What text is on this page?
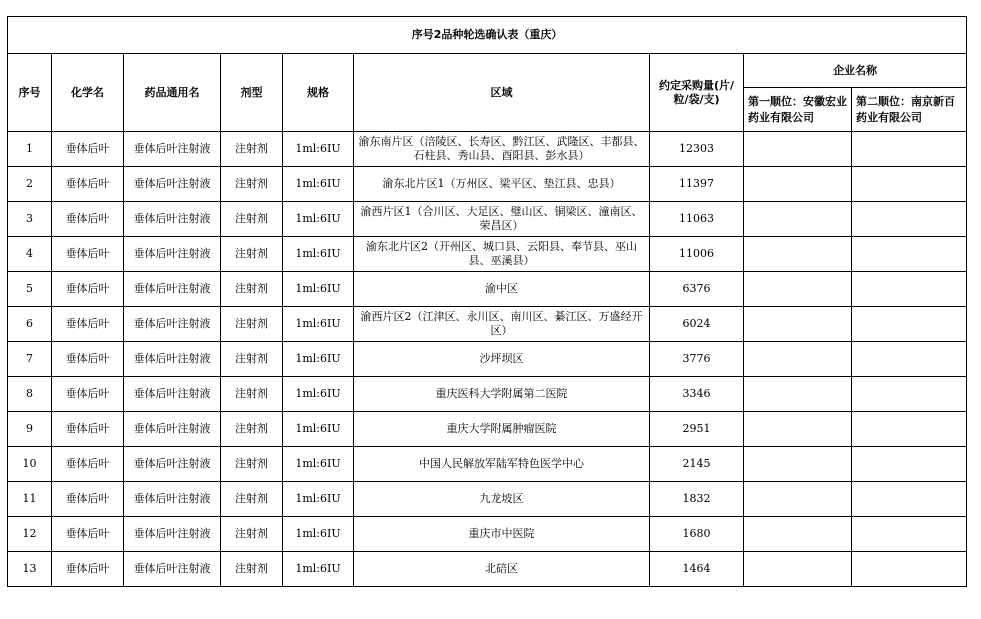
序号2品种轮选确认表（重庆）								
序号	化学名	药品通用名	剂型	规格	区域	约定采购量(片/粒/袋/支)	企业名称	
							第一顺位：安徽宏业药业有限公司	第二顺位：南京新百药业有限公司
1	垂体后叶	垂体后叶注射液	注射剂	1ml:6IU	渝东南片区（涪陵区、长寿区、黔江区、武隆区、丰都县、石柱县、秀山县、酉阳县、彭水县）	12303		
2	垂体后叶	垂体后叶注射液	注射剂	1ml:6IU	渝东北片区1（万州区、梁平区、垫江县、忠县）	11397		
3	垂体后叶	垂体后叶注射液	注射剂	1ml:6IU	渝西片区1（合川区、大足区、璧山区、铜梁区、潼南区、荣昌区）	11063		
4	垂体后叶	垂体后叶注射液	注射剂	1ml:6IU	渝东北片区2（开州区、城口县、云阳县、奉节县、巫山县、巫溪县）	11006		
5	垂体后叶	垂体后叶注射液	注射剂	1ml:6IU	渝中区	6376		
6	垂体后叶	垂体后叶注射液	注射剂	1ml:6IU	渝西片区2（江津区、永川区、南川区、綦江区、万盛经开区）	6024		
7	垂体后叶	垂体后叶注射液	注射剂	1ml:6IU	沙坪坝区	3776		
8	垂体后叶	垂体后叶注射液	注射剂	1ml:6IU	重庆医科大学附属第二医院	3346		
9	垂体后叶	垂体后叶注射液	注射剂	1ml:6IU	重庆大学附属肿瘤医院	2951		
10	垂体后叶	垂体后叶注射液	注射剂	1ml:6IU	中国人民解放军陆军特色医学中心	2145		
11	垂体后叶	垂体后叶注射液	注射剂	1ml:6IU	九龙坡区	1832		
12	垂体后叶	垂体后叶注射液	注射剂	1ml:6IU	重庆市中医院	1680		
13	垂体后叶	垂体后叶注射液	注射剂	1ml:6IU	北碚区	1464		
